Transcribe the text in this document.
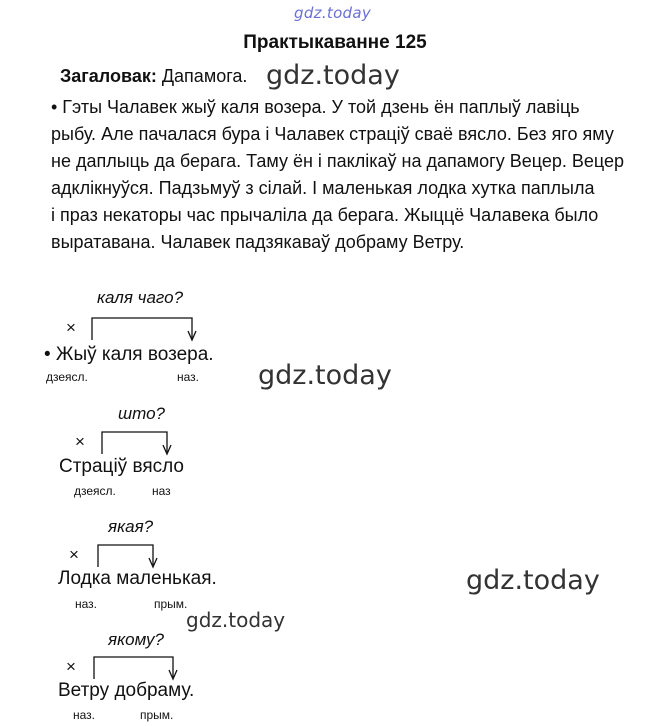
gdz.today
Практыкаванне 125
Загаловак: Дапамога. gdz.today
• Гэты Чалавек жыў каля возера. У той дзень ён паплыў лавіць
рыбу. Але пачалася бура і Чалавек страціў сваё вясло. Без яго яму
не даплыць да берага. Таму ён і паклікаў на дапамогу Вецер. Вецер
адклікнуўся. Падзьмуў з сілай. І маленькая лодка хутка паплыла
і праз некаторы час прычаліла да берага. Жыццё Чалавека было
выратавана. Чалавек падзякаваў добраму Ветру.
каля чаго?
×
• Жыў каля возера.
дзеясл.	наз. gdz.today
што?
×
Страціў вясло
дзеясл.	наз
якая?
×
Лодка маленькая.
наз.	прым.
gdz.today
gdz.today
якому?
×
Ветру добраму.
наз.	прым.
